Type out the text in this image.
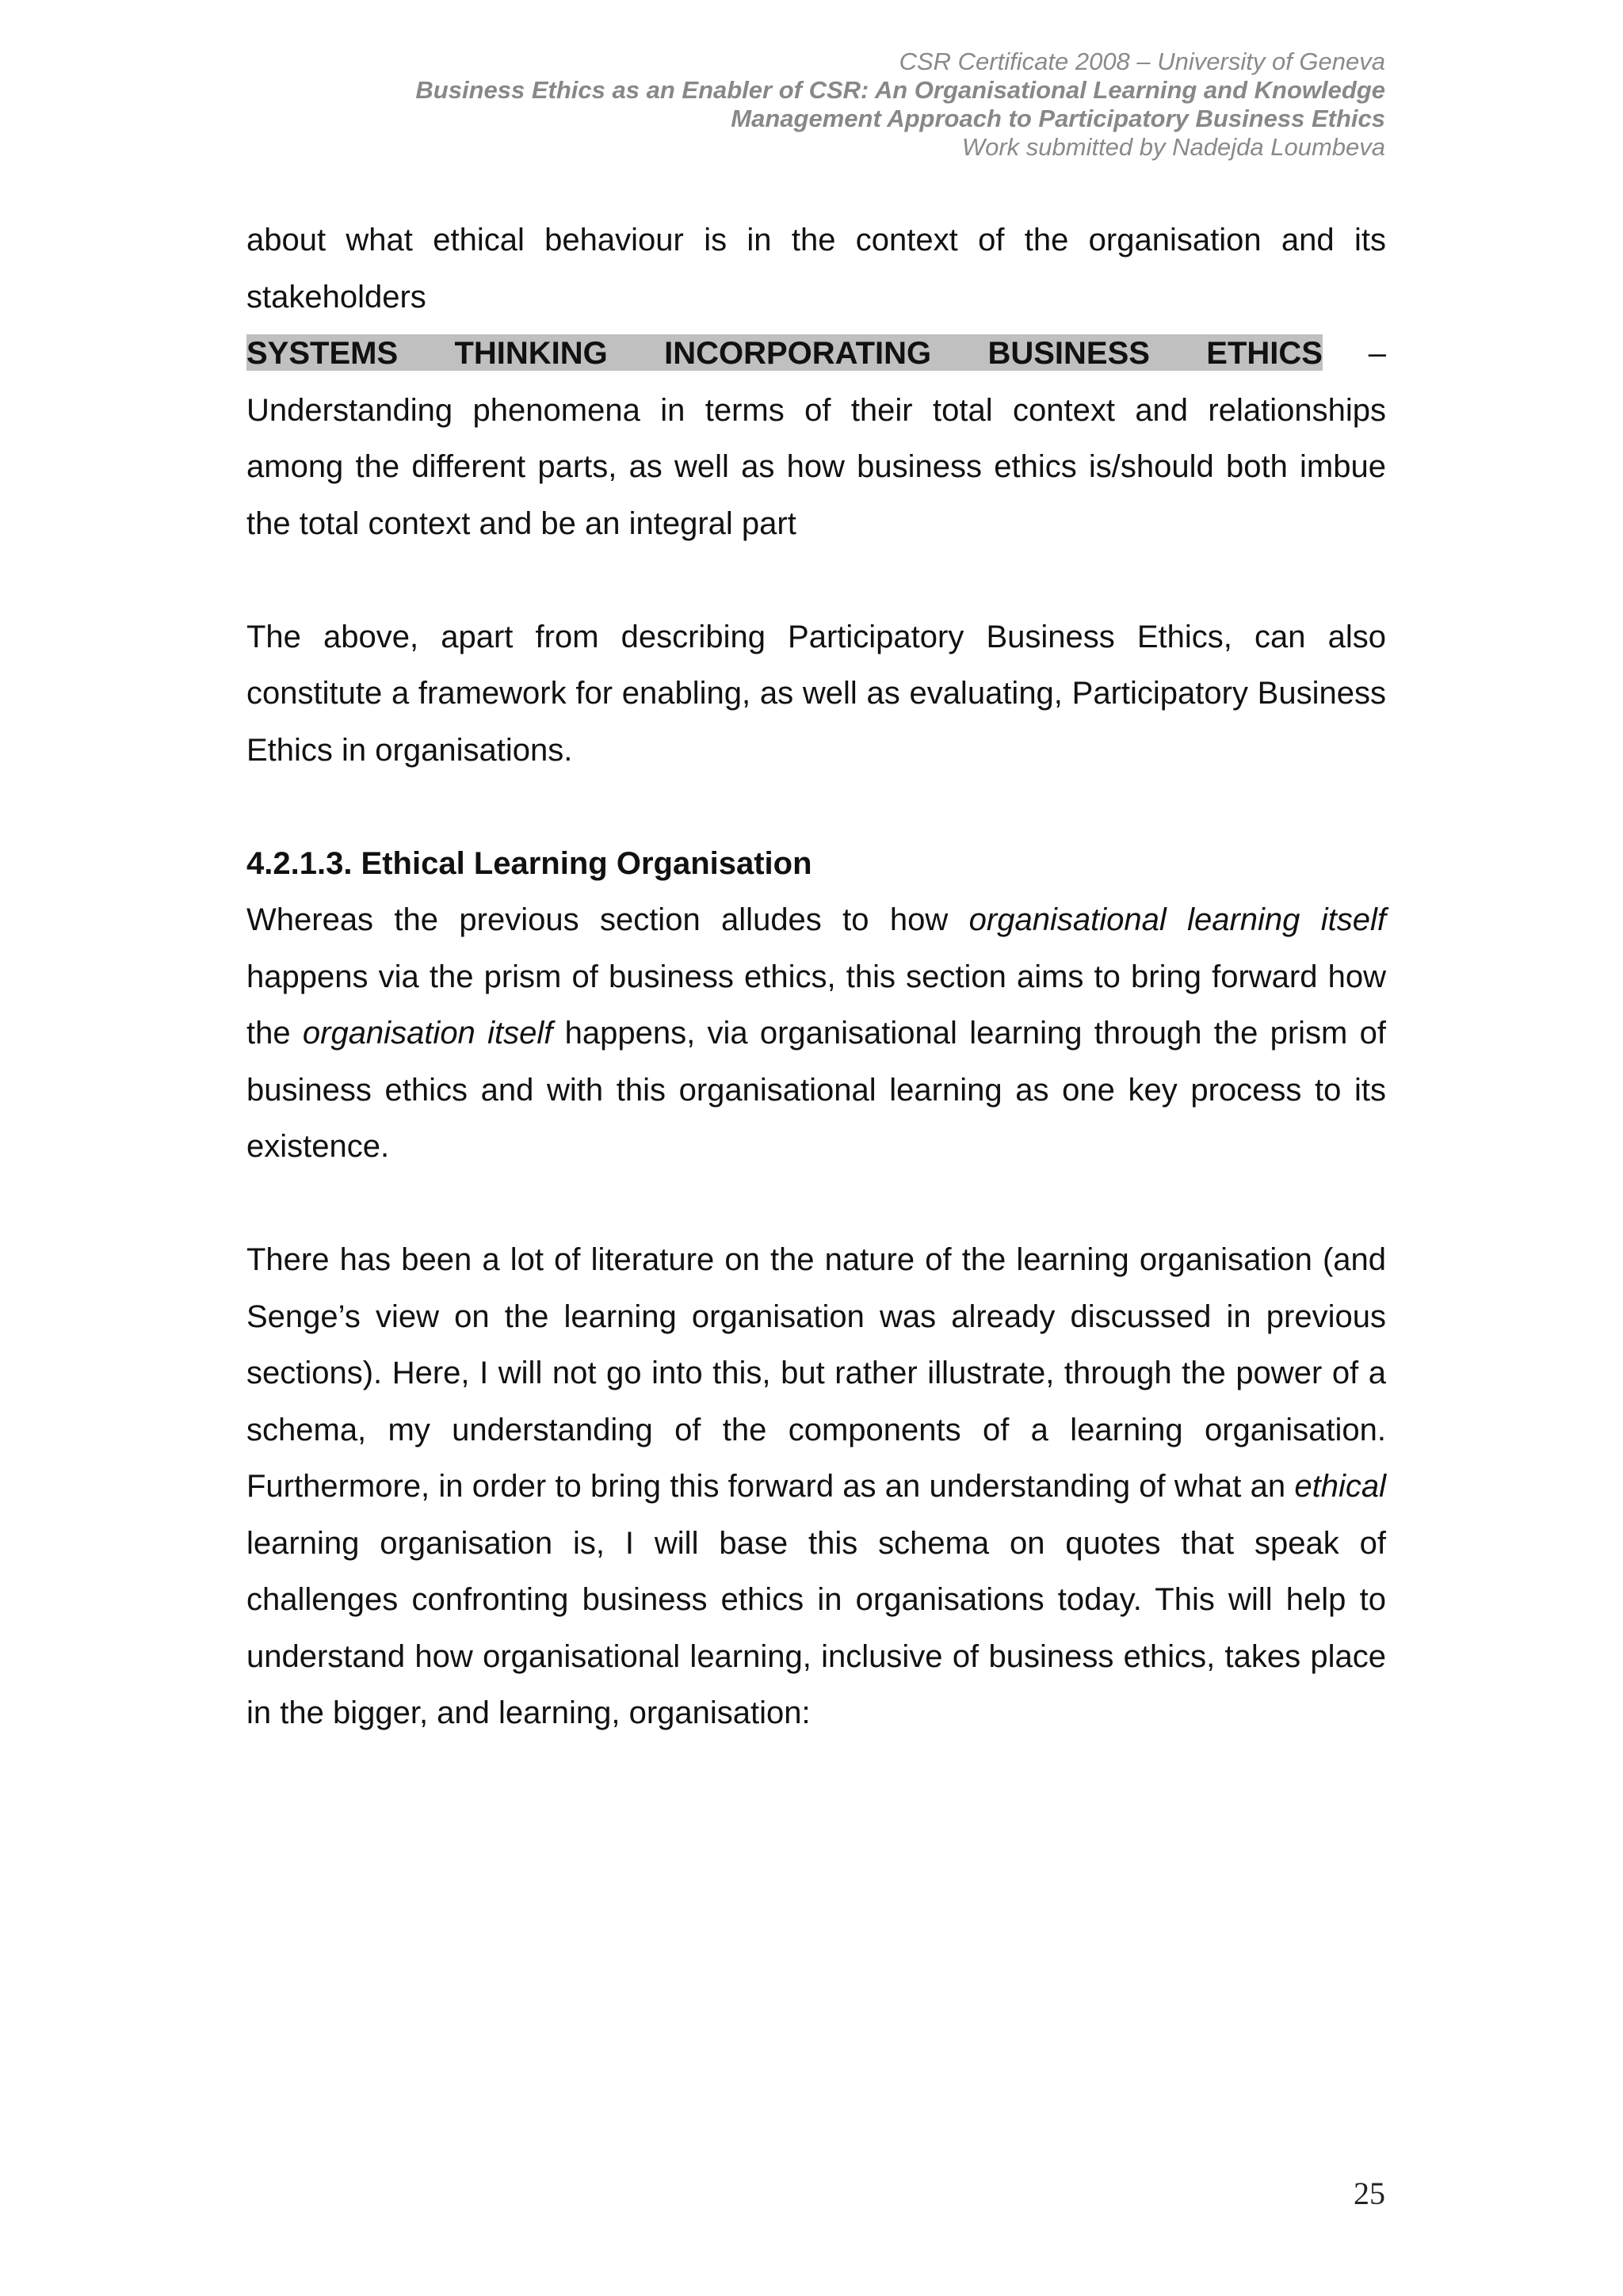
CSR Certificate 2008 – University of Geneva
Business Ethics as an Enabler of CSR: An Organisational Learning and Knowledge
Management Approach to Participatory Business Ethics
Work submitted by Nadejda Loumbeva

about what ethical behaviour is in the context of the organisation and its stakeholders

SYSTEMS THINKING INCORPORATING BUSINESS ETHICS –

Understanding phenomena in terms of their total context and relationships among the different parts, as well as how business ethics is/should both imbue the total context and be an integral part

The above, apart from describing Participatory Business Ethics, can also constitute a framework for enabling, as well as evaluating, Participatory Business Ethics in organisations.

4.2.1.3. Ethical Learning Organisation

Whereas the previous section alludes to how organisational learning itself happens via the prism of business ethics, this section aims to bring forward how the organisation itself happens, via organisational learning through the prism of business ethics and with this organisational learning as one key process to its existence.

There has been a lot of literature on the nature of the learning organisation (and Senge’s view on the learning organisation was already discussed in previous sections). Here, I will not go into this, but rather illustrate, through the power of a schema, my understanding of the components of a learning organisation. Furthermore, in order to bring this forward as an understanding of what an ethical learning organisation is, I will base this schema on quotes that speak of challenges confronting business ethics in organisations today. This will help to understand how organisational learning, inclusive of business ethics, takes place in the bigger, and learning, organisation:

25
